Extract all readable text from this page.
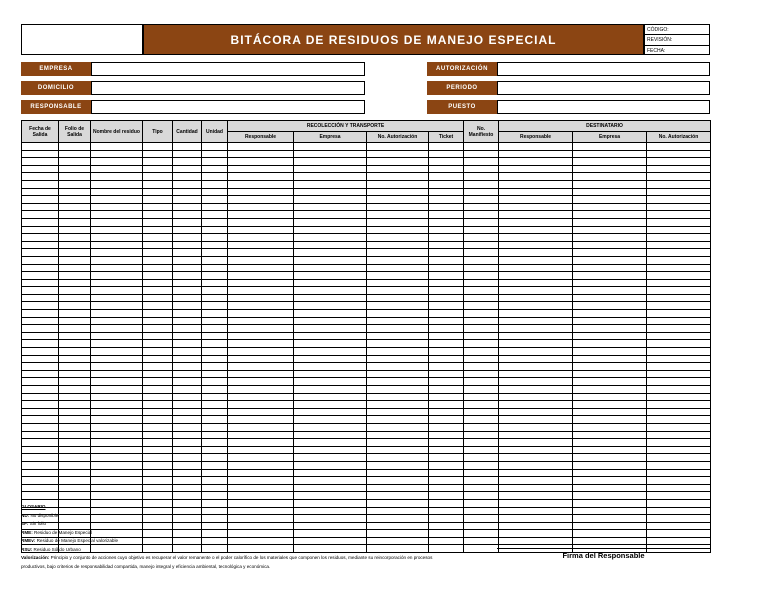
BITÁCORA DE RESIDUOS DE MANEJO ESPECIAL
CÓDIGO:
REVISIÓN:
FECHA:
EMPRESA
DOMICILIO
RESPONSABLE
AUTORIZACIÓN
PERIODO
PUESTO
Fecha de Salida	Folio de Salida	Nombre del residuo	Tipo	Cantidad	Unidad	RECOLECCIÓN Y TRANSPORTE				No. Manifiesto	DESTINATARIO		
						Responsable	Empresa	No. Autorización	Ticket		Responsable	Empresa	No. Autorización

GLOSARIO
ND: No disponible
SF: Sin folio
RME: Residuo de Manejo Especial
RMEv: Residuo de Manejo Especial valorizable
RSU: Residuo Sólido Urbano
Valorización: Principio y conjunto de acciones cuyo objetivo es recuperar el valor remanente o el poder calorífico de los materiales que componen los residuos, mediante su reincorporación en procesos productivos, bajo criterios de responsabilidad compartida, manejo integral y eficiencia ambiental, tecnológica y económica.
Firma del Responsable
